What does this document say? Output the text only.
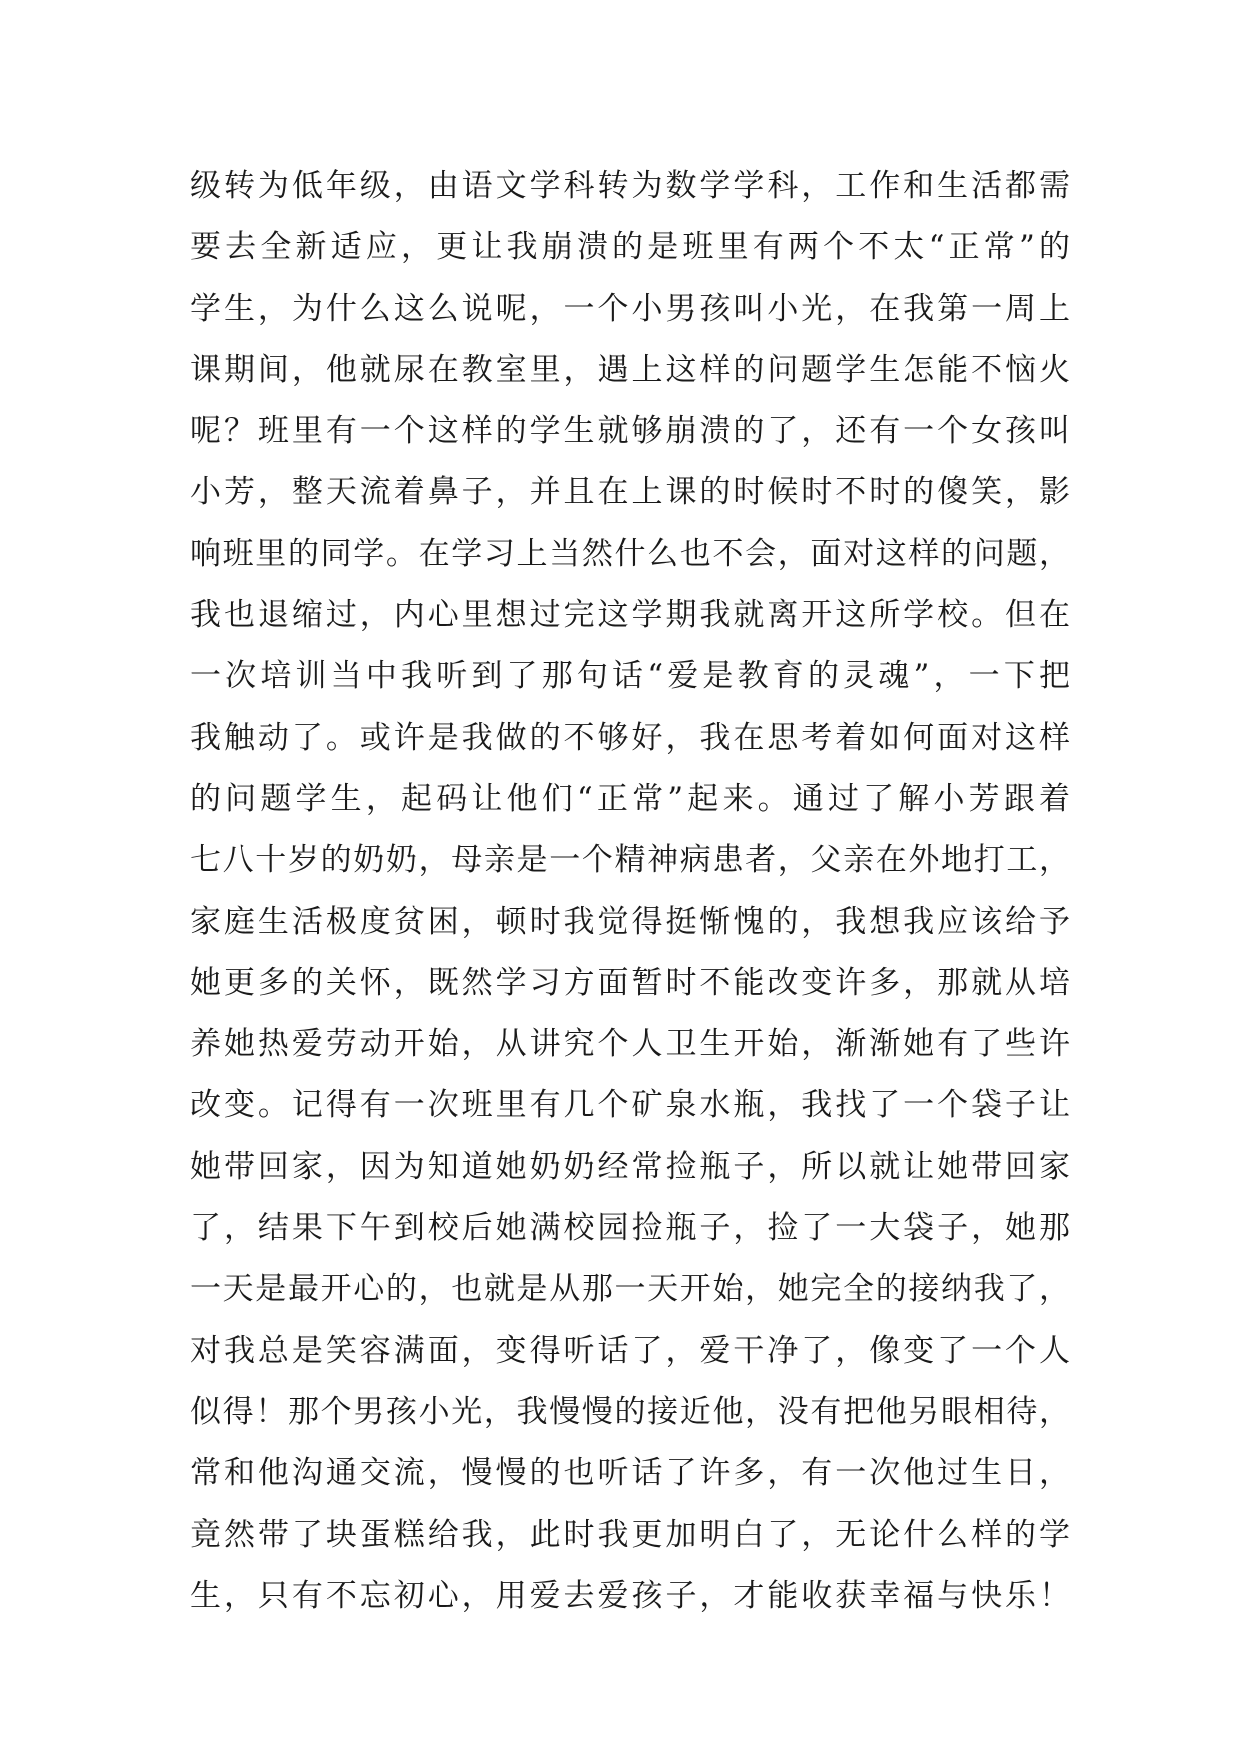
级转为低年级，由语文学科转为数学学科，工作和生活都需
要去全新适应，更让我崩溃的是班里有两个不太“正常”的
学生，为什么这么说呢，一个小男孩叫小光，在我第一周上
课期间，他就尿在教室里，遇上这样的问题学生怎能不恼火
呢？班里有一个这样的学生就够崩溃的了，还有一个女孩叫
小芳，整天流着鼻子，并且在上课的时候时不时的傻笑，影
响班里的同学。在学习上当然什么也不会，面对这样的问题，
我也退缩过，内心里想过完这学期我就离开这所学校。但在
一次培训当中我听到了那句话“爱是教育的灵魂”，一下把
我触动了。或许是我做的不够好，我在思考着如何面对这样
的问题学生，起码让他们“正常”起来。通过了解小芳跟着
七八十岁的奶奶，母亲是一个精神病患者，父亲在外地打工，
家庭生活极度贫困，顿时我觉得挺惭愧的，我想我应该给予
她更多的关怀，既然学习方面暂时不能改变许多，那就从培
养她热爱劳动开始，从讲究个人卫生开始，渐渐她有了些许
改变。记得有一次班里有几个矿泉水瓶，我找了一个袋子让
她带回家，因为知道她奶奶经常捡瓶子，所以就让她带回家
了，结果下午到校后她满校园捡瓶子，捡了一大袋子，她那
一天是最开心的，也就是从那一天开始，她完全的接纳我了，
对我总是笑容满面，变得听话了，爱干净了，像变了一个人
似得！那个男孩小光，我慢慢的接近他，没有把他另眼相待，
常和他沟通交流，慢慢的也听话了许多，有一次他过生日，
竟然带了块蛋糕给我，此时我更加明白了，无论什么样的学
生，只有不忘初心，用爱去爱孩子，才能收获幸福与快乐！
